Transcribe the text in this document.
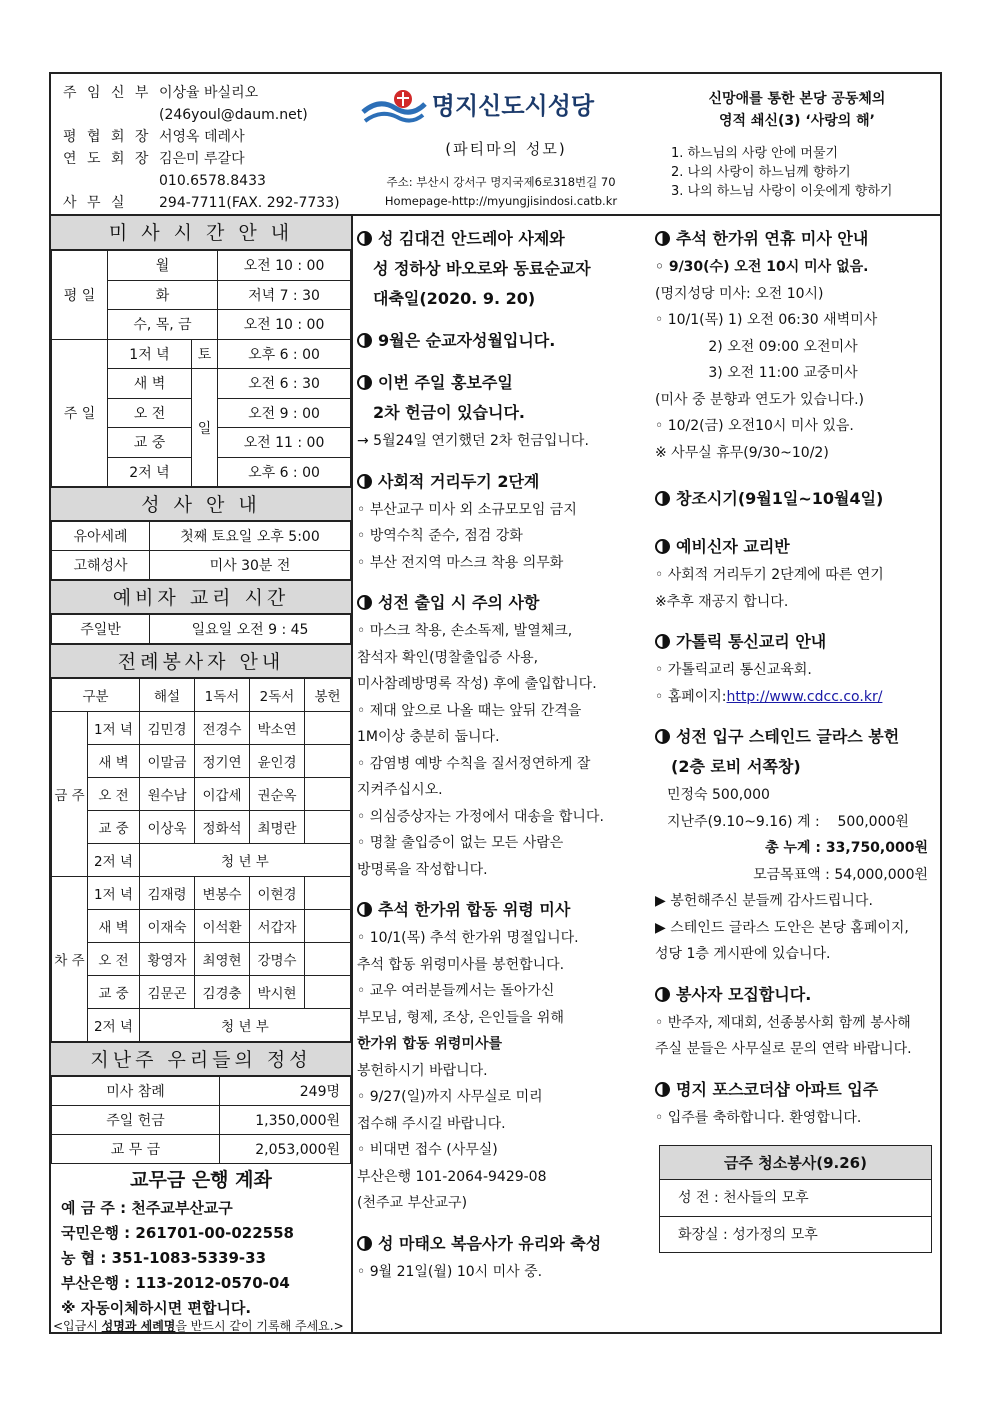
주 임 신 부 이상율 바실리오
(246youl@daum.net)
평 협 회 장 서영옥 데레사
연 도 회 장 김은미 루갈다
010.6578.8433
사 무 실 294-7711(FAX. 292-7733)
명지신도시성당
(파티마의 성모)
주소: 부산시 강서구 명지국제6로318번길 70
Homepage-http://myungjisindosi.catb.kr
신망애를 통한 본당 공동체의
영적 쇄신(3) ‘사랑의 해’
1. 하느님의 사랑 안에 머물기
2. 나의 사랑이 하느님께 향하기
3. 나의 하느님 사랑이 이웃에게 향하기
미 사 시 간 안 내
평 일	월		오전 10 : 00
	화		저녁 7 : 30
	수, 목, 금		오전 10 : 00
주 일	1저 녁	토	오후 6 : 00
	새 벽	일	오전 6 : 30
	오 전		오전 9 : 00
	교 중		오전 11 : 00
	2저 녁		오후 6 : 00
성 사 안 내
유아세례	첫째 토요일 오후 5:00
고해성사	미사 30분 전
예비자 교리 시간
주일반	일요일 오전 9 : 45
전례봉사자 안내
구분		해설	1독서	2독서	봉헌
금 주	1저 녁	김민경	전경수	박소연	
	새 벽	이말금	정기연	윤인경	
	오 전	원수남	이갑세	권순옥	
	교 중	이상욱	정화석	최명란	
	2저 녁	청 년 부			
차 주	1저 녁	김재령	변봉수	이현경	
	새 벽	이재숙	이석환	서갑자	
	오 전	황영자	최영현	강명수	
	교 중	김문곤	김경충	박시현	
	2저 녁	청 년 부			
지난주 우리들의 정성
미사 참례	249명
주일 헌금	1,350,000원
교 무 금	2,053,000원
교무금 은행 계좌
예 금 주 : 천주교부산교구
국민은행 : 261701-00-022558
농 협 : 351-1083-5339-33
부산은행 : 113-2012-0570-04
※ 자동이체하시면 편합니다.
<입금시 성명과 세례명을 반드시 같이 기록해 주세요.>
성 김대건 안드레아 사제와
성 정하상 바오로와 동료순교자
대축일(2020. 9. 20)
9월은 순교자성월입니다.
이번 주일 홍보주일
2차 헌금이 있습니다.
→ 5월24일 연기했던 2차 헌금입니다.
사회적 거리두기 2단계
◦ 부산교구 미사 외 소규모모임 금지
◦ 방역수칙 준수, 점검 강화
◦ 부산 전지역 마스크 착용 의무화
성전 출입 시 주의 사항
◦ 마스크 착용, 손소독제, 발열체크,
참석자 확인(명찰출입증 사용,
미사참례방명록 작성) 후에 출입합니다.
◦ 제대 앞으로 나올 때는 앞뒤 간격을
1M이상 충분히 둡니다.
◦ 감염병 예방 수칙을 질서정연하게 잘
지켜주십시오.
◦ 의심증상자는 가정에서 대송을 합니다.
◦ 명찰 출입증이 없는 모든 사람은
방명록을 작성합니다.
추석 한가위 합동 위령 미사
◦ 10/1(목) 추석 한가위 명절입니다.
추석 합동 위령미사를 봉헌합니다.
◦ 교우 여러분들께서는 돌아가신
부모님, 형제, 조상, 은인들을 위해
한가위 합동 위령미사를
봉헌하시기 바랍니다.
◦ 9/27(일)까지 사무실로 미리
접수해 주시길 바랍니다.
◦ 비대면 접수 (사무실)
부산은행 101-2064-9429-08
(천주교 부산교구)
성 마태오 복음사가 유리와 축성
◦ 9월 21일(월) 10시 미사 중.
추석 한가위 연휴 미사 안내
◦ 9/30(수) 오전 10시 미사 없음.
(명지성당 미사: 오전 10시)
◦ 10/1(목) 1) 오전 06:30 새벽미사
2) 오전 09:00 오전미사
3) 오전 11:00 교중미사
(미사 중 분향과 연도가 있습니다.)
◦ 10/2(금) 오전10시 미사 있음.
※ 사무실 휴무(9/30~10/2)
창조시기(9월1일~10월4일)
예비신자 교리반
◦ 사회적 거리두기 2단계에 따른 연기
※추후 재공지 합니다.
가톨릭 통신교리 안내
◦ 가톨릭교리 통신교육회.
◦ 홈페이지:http://www.cdcc.co.kr/
성전 입구 스테인드 글라스 봉헌
(2층 로비 서쪽창)
민정숙 500,000
지난주(9.10~9.16) 계 :    500,000원
총 누계 : 33,750,000원
모금목표액 : 54,000,000원
▶ 봉헌해주신 분들께 감사드립니다.
▶ 스테인드 글라스 도안은 본당 홈페이지,
성당 1층 게시판에 있습니다.
봉사자 모집합니다.
◦ 반주자, 제대회, 선종봉사회 함께 봉사해
주실 분들은 사무실로 문의 연락 바랍니다.
명지 포스코더샵 아파트 입주
◦ 입주를 축하합니다. 환영합니다.
금주 청소봉사(9.26)
성 전 : 천사들의 모후
화장실 : 성가정의 모후
